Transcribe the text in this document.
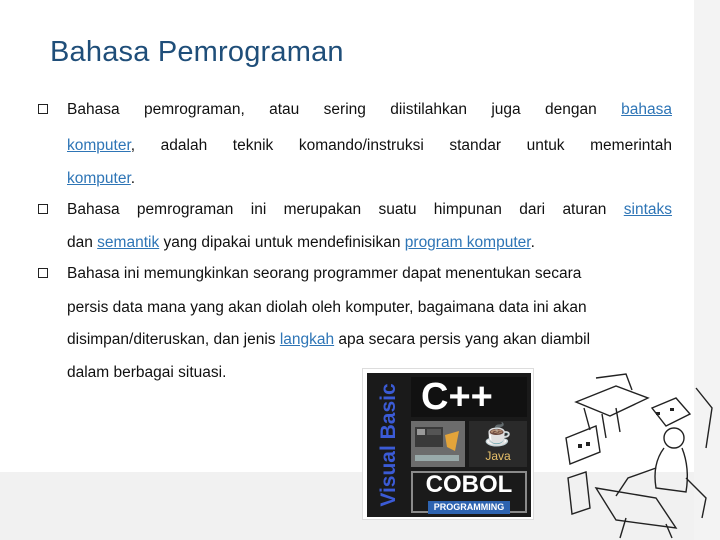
Bahasa Pemrograman
Bahasa pemrograman, atau sering diistilahkan juga dengan bahasa
komputer, adalah teknik komando/instruksi standar untuk memerintah
komputer.
Bahasa pemrograman ini merupakan suatu himpunan dari aturan sintaks
dan semantik yang dipakai untuk mendefinisikan program komputer.
Bahasa ini memungkinkan seorang programmer dapat menentukan secara
persis data mana yang akan diolah oleh komputer, bagaimana data ini akan
disimpan/diteruskan, dan jenis langkah apa secara persis yang akan diambil
dalam berbagai situasi.
Visual Basic C++
☕
Java
COBOL
PROGRAMMING
